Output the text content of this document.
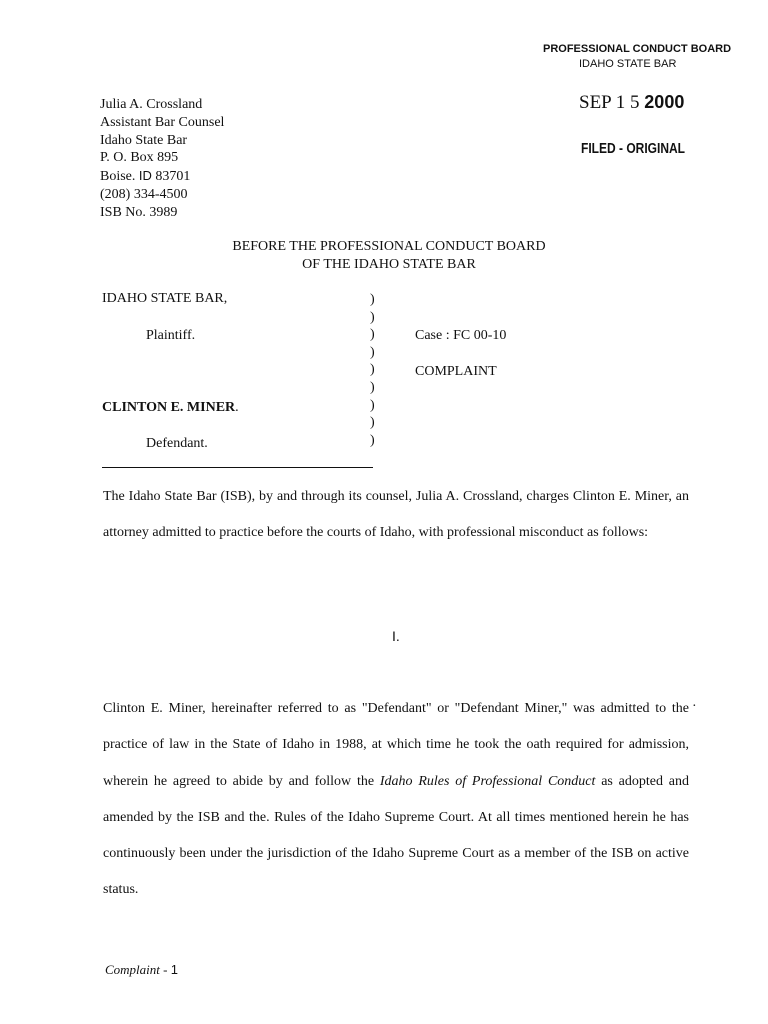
PROFESSIONAL CONDUCT BOARD
IDAHO STATE BAR
SEP 1 5 2000
FILED - ORIGINAL
Julia A. Crossland
Assistant Bar Counsel
Idaho State Bar
P. O. Box 895
Boise. ID 83701
(208) 334-4500
ISB No. 3989
BEFORE THE PROFESSIONAL CONDUCT BOARD
OF THE IDAHO STATE BAR
IDAHO STATE BAR,
Plaintiff.
CLINTON E. MINER.
Defendant.
Case : FC 00-10
COMPLAINT
)
)
)
)
)
)
)
)
)
The Idaho State Bar (ISB), by and through its counsel, Julia A. Crossland, charges Clinton E. Miner, an attorney admitted to practice before the courts of Idaho, with professional misconduct as follows:
I.
Clinton E. Miner, hereinafter referred to as "Defendant" or "Defendant Miner," was admitted to the practice of law in the State of Idaho in 1988, at which time he took the oath required for admission, wherein he agreed to abide by and follow the Idaho Rules of Professional Conduct as adopted and amended by the ISB and the. Rules of the Idaho Supreme Court. At all times mentioned herein he has continuously been under the jurisdiction of the Idaho Supreme Court as a member of the ISB on active status.
·
Complaint - 1
